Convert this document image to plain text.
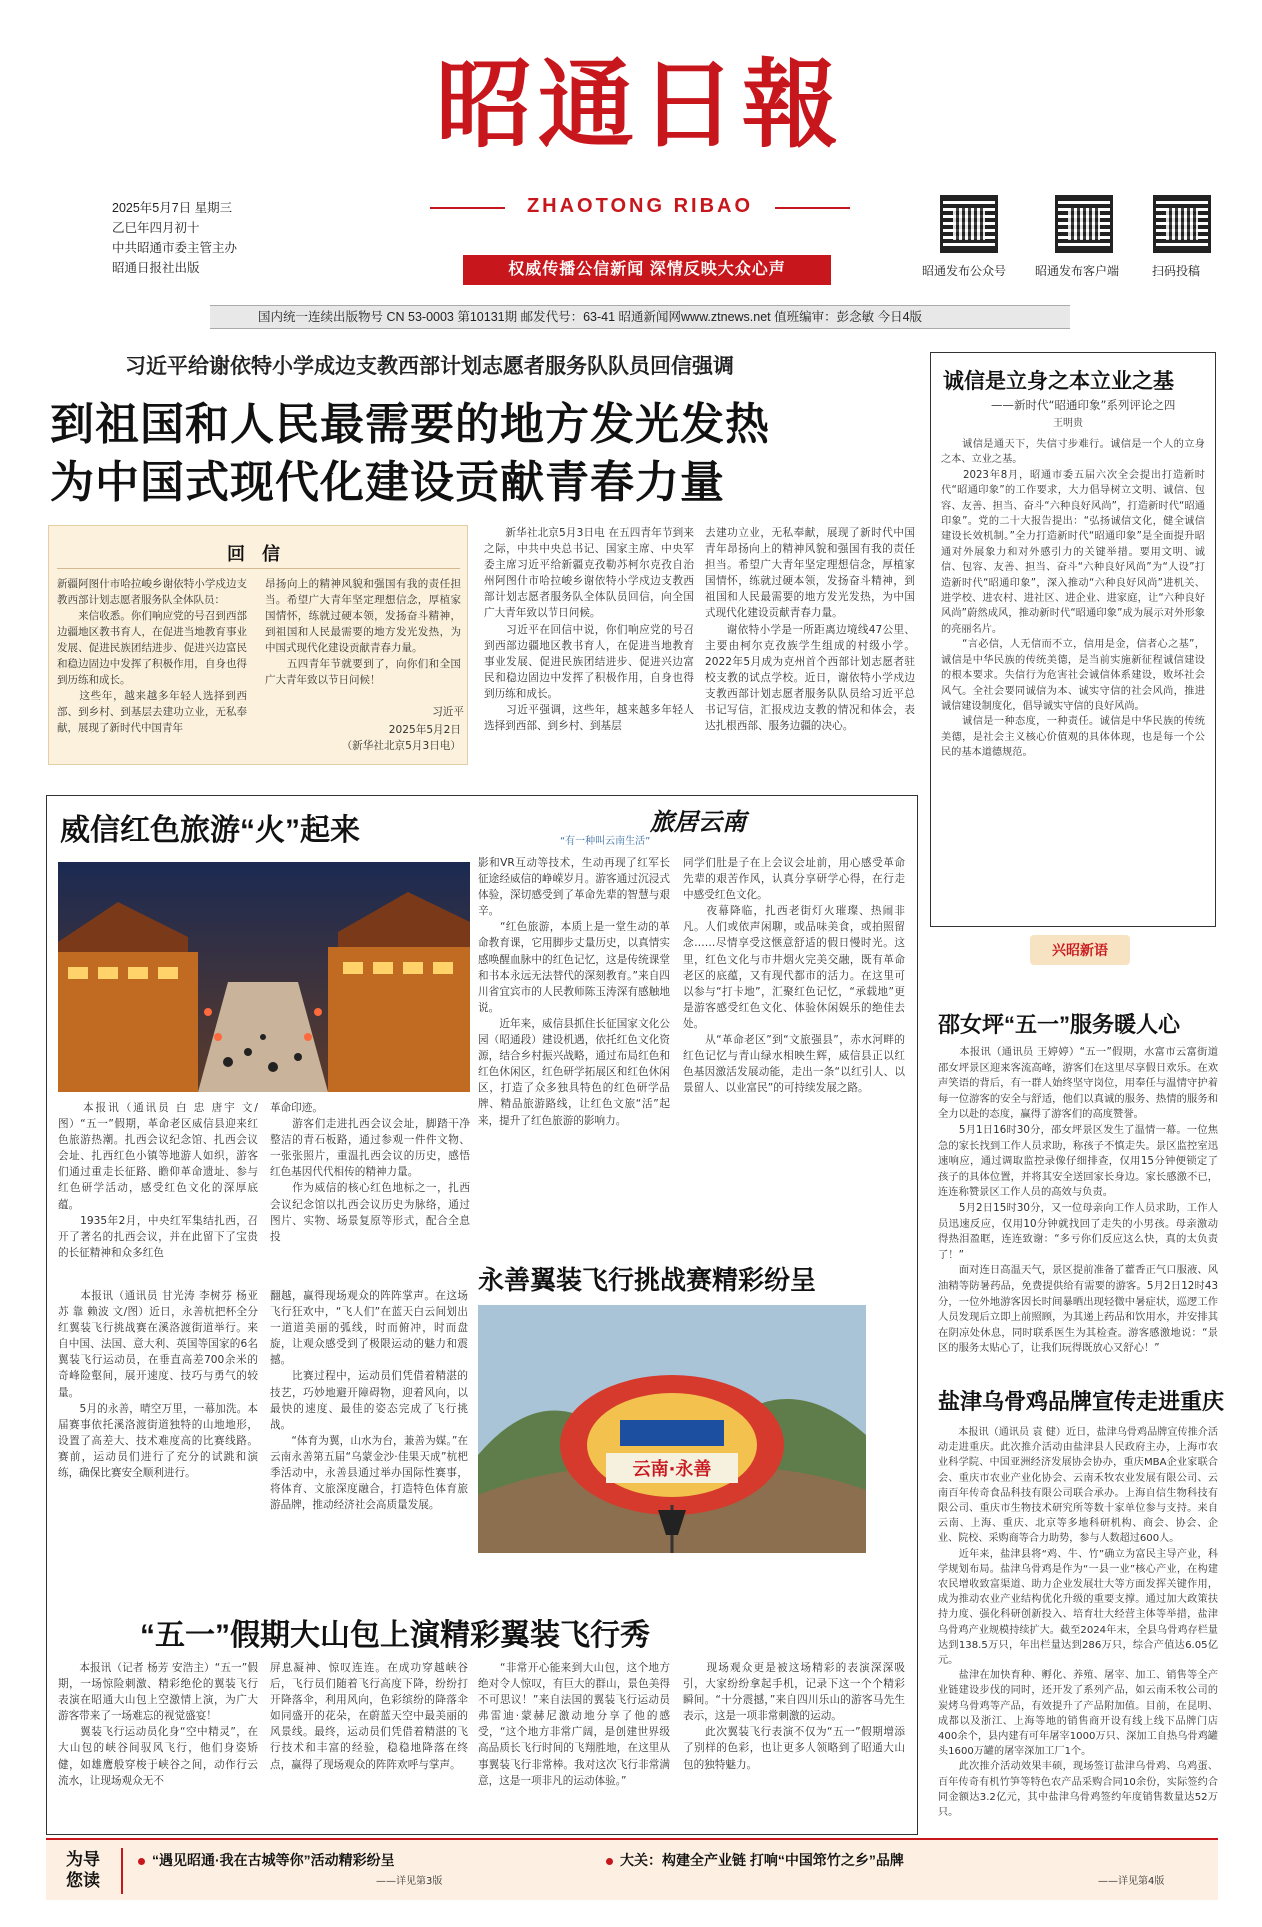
昭通日報
ZHAOTONG RIBAO
2025年5月7日 星期三
乙巳年四月初十
中共昭通市委主管主办
昭通日报社出版	权威传播公信新闻 深情反映大众心声	昭通发布公众号 昭通发布客户端	扫码投稿
国内统一连续出版物号 CN 53-0003 第10131期 邮发代号：63-41 昭通新闻网www.ztnews.net 值班编审：彭念敏 今日4版
习近平给谢依特小学成边支教西部计划志愿者服务队队员回信强调
到祖国和人民最需要的地方发光发热
为中国式现代化建设贡献青春力量
回 信
新疆阿图什市哈拉峻乡谢依特小学戍边支教西部计划志愿者服务队全体队员：
　　来信收悉。你们响应党的号召到西部边疆地区教书育人，在促进当地教育事业发展、促进民族团结进步、促进兴边富民和稳边固边中发挥了积极作用，自身也得到历练和成长。
　　这些年，越来越多年轻人选择到西部、到乡村、到基层去建功立业，无私奉献，展现了新时代中国青年
昂扬向上的精神风貌和强国有我的责任担当。希望广大青年坚定理想信念，厚植家国情怀，练就过硬本领，发扬奋斗精神，到祖国和人民最需要的地方发光发热，为中国式现代化建设贡献青春力量。
　　五四青年节就要到了，向你们和全国广大青年致以节日问候！
习近平
2025年5月2日
（新华社北京5月3日电）
　　新华社北京5月3日电 在五四青年节到来之际，中共中央总书记、国家主席、中央军委主席习近平给新疆克孜勒苏柯尔克孜自治州阿图什市哈拉峻乡谢依特小学戍边支教西部计划志愿者服务队全体队员回信，向全国广大青年致以节日问候。
　　习近平在回信中说，你们响应党的号召到西部边疆地区教书育人，在促进当地教育事业发展、促进民族团结进步、促进兴边富民和稳边固边中发挥了积极作用，自身也得到历练和成长。
　　习近平强调，这些年，越来越多年轻人选择到西部、到乡村、到基层
去建功立业，无私奉献，展现了新时代中国青年昂扬向上的精神风貌和强国有我的责任担当。希望广大青年坚定理想信念，厚植家国情怀，练就过硬本领，发扬奋斗精神，到祖国和人民最需要的地方发光发热，为中国式现代化建设贡献青春力量。
　　谢依特小学是一所距离边境线47公里、主要由柯尔克孜族学生组成的村级小学。2022年5月成为克州首个西部计划志愿者驻校支教的试点学校。近日，谢依特小学戍边支教西部计划志愿者服务队队员给习近平总书记写信，汇报戍边支教的情况和体会，表达扎根西部、服务边疆的决心。
诚信是立身之本立业之基
——新时代“昭通印象”系列评论之四
王明贵
　　诚信是通天下，失信寸步难行。诚信是一个人的立身之本、立业之基。
　　2023年8月，昭通市委五届六次全会提出打造新时代“昭通印象”的工作要求，大力倡导树立文明、诚信、包容、友善、担当、奋斗“六种良好风尚”，打造新时代“昭通印象”。党的二十大报告提出：“弘扬诚信文化，健全诚信建设长效机制。”全力打造新时代“昭通印象”是全面提升昭通对外展象力和对外感引力的关键举措。要用文明、诚信、包容、友善、担当、奋斗“六种良好风尚”为“人设”打造新时代“昭通印象”，深入推动“六种良好风尚”进机关、进学校、进农村、进社区、进企业、进家庭，让“六种良好风尚”蔚然成风，推动新时代“昭通印象”成为展示对外形象的亮丽名片。
　　“言必信，人无信而不立，信用是金，信者心之基”，诚信是中华民族的传统美德，是当前实施新征程诚信建设的根本要求。失信行为危害社会诚信体系建设，败坏社会风气。全社会要同诚信为本、诚实守信的社会风尚，推进诚信建设制度化，倡导诚实守信的良好风尚。
　　诚信是一种态度，一种责任。诚信是中华民族的传统美德，是社会主义核心价值观的具体体现，也是每一个公民的基本道德规范。
兴昭新语
威信红色旅游“火”起来	旅居云南
“有一种叫云南生活”
　　本报讯（通讯员 白 忠 唐宇 文/图）“五一”假期，革命老区威信县迎来红色旅游热潮。扎西会议纪念馆、扎西会议会址、扎西红色小镇等地游人如织，游客们通过重走长征路、瞻仰革命遗址、参与红色研学活动，感受红色文化的深厚底蕴。
　　1935年2月，中央红军集结扎西，召开了著名的扎西会议，并在此留下了宝贵的长征精神和众多红色
革命印迹。
　　游客们走进扎西会议会址，脚踏干净整洁的青石板路，通过参观一件件文物、一张张照片，重温扎西会议的历史，感悟红色基因代代相传的精神力量。
　　作为威信的核心红色地标之一，扎西会议纪念馆以扎西会议历史为脉络，通过图片、实物、场景复原等形式，配合全息投
影和VR互动等技术，生动再现了红军长征途经威信的峥嵘岁月。游客通过沉浸式体验，深切感受到了革命先辈的智慧与艰辛。
　　“红色旅游，本质上是一堂生动的革命教育课，它用脚步丈量历史，以真情实感唤醒血脉中的红色记忆，这是传统课堂和书本永远无法替代的深刻教育。”来自四川省宜宾市的人民教师陈玉涛深有感触地说。
　　近年来，威信县抓住长征国家文化公园（昭通段）建设机遇，依托红色文化资源，结合乡村振兴战略，通过布局红色和红色休闲区，红色研学拓展区和红色休闲区，打造了众多独具特色的红色研学品牌、精品旅游路线，让红色文旅“活”起来，提升了红色旅游的影响力。
同学们肚是子在上会议会址前，用心感受革命先辈的艰苦作风，认真分享研学心得，在行走中感受红色文化。
　　夜幕降临，扎西老街灯火璀璨、热闹非凡。人们或依声闲聊，或品味美食，或拍照留念……尽情享受这惬意舒适的假日慢时光。这里，红色文化与市井烟火完美交融，既有革命老区的底蕴，又有现代都市的活力。在这里可以参与“打卡地”，汇聚红色记忆，“承载地”更是游客感受红色文化、体验休闲娱乐的绝佳去处。
　　从“革命老区”到“文旅强县”，赤水河畔的红色记忆与青山绿水相映生辉，威信县正以红色基因激活发展动能，走出一条“以红引人、以景留人、以业富民”的可持续发展之路。
永善翼装飞行挑战赛精彩纷呈
云南·永善
　　本报讯（通讯员 甘光涛 李树芬 杨亚 苏 靠 赖波 文/图）近日，永善杭把杯全分红翼装飞行挑战赛在溪洛渡街道举行。来自中国、法国、意大利、英国等国家的6名翼装飞行运动员，在垂直高差700余米的奇峰险壑间，展开速度、技巧与勇气的较量。
　　5月的永善，晴空万里，一幕加洗。本届赛事依托溪洛渡街道独特的山地地形，设置了高差大、技术难度高的比赛线路。赛前，运动员们进行了充分的试跳和演练，确保比赛安全顺利进行。
翻越，赢得现场观众的阵阵掌声。在这场飞行狂欢中，“飞人们”在蓝天白云间划出一道道美丽的弧线，时而俯冲，时而盘旋，让观众感受到了极限运动的魅力和震撼。
　　比赛过程中，运动员们凭借着精湛的技艺，巧妙地避开障碍物，迎着风向，以最快的速度、最佳的姿态完成了飞行挑战。
　　“体育为翼，山水为台，兼善为媒。”在云南永善第五届“乌蒙金沙·佳果天成”杭杷季活动中，永善县通过举办国际性赛事，将体育、文旅深度融合，打造特色体育旅游品牌，推动经济社会高质量发展。
“五一”假期大山包上演精彩翼装飞行秀
　　本报讯（记者 杨芳 安浩主）“五一”假期，一场惊险刺激、精彩绝伦的翼装飞行表演在昭通大山包上空激情上演，为广大游客带来了一场难忘的视觉盛宴！
　　翼装飞行运动员化身“空中精灵”，在大山包的峡谷间驭风飞行，他们身姿矫健，如雄鹰般穿梭于峡谷之间，动作行云流水，让现场观众无不
屏息凝神、惊叹连连。在成功穿越峡谷后，飞行员们随着飞行高度下降，纷纷打开降落伞，利用风向，色彩缤纷的降落伞如同盛开的花朵，在蔚蓝天空中最美丽的风景线。最终，运动员们凭借着精湛的飞行技术和丰富的经验，稳稳地降落在终点，赢得了现场观众的阵阵欢呼与掌声。
　　“非常开心能来到大山包，这个地方绝对令人惊叹，有巨大的群山，景色美得不可思议！”来自法国的翼装飞行运动员弗雷迪·蒙赫尼激动地分享了他的感受，“这个地方非常广阔，是创建世界级高品质长飞行时间的飞翔胜地，在这里从事翼装飞行非常棒。我对这次飞行非常满意，这是一项非凡的运动体验。”
　　现场观众更是被这场精彩的表演深深吸引，大家纷纷拿起手机，记录下这一个个精彩瞬间。“十分震撼，”来自四川乐山的游客马先生表示，这是一项非常刺激的运动。
　　此次翼装飞行表演不仅为“五一”假期增添了别样的色彩，也让更多人领略到了昭通大山包的独特魅力。
邵女坪“五一”服务暖人心
　　本报讯（通讯员 王婷婷）“五一”假期，水富市云富街道邵女坪景区迎来客流高峰，游客们在这里尽享假日欢乐。在欢声笑语的背后，有一群人始终坚守岗位，用奉任与温情守护着每一位游客的安全与舒适，他们以真诚的服务、热情的服务和全力以赴的态度，赢得了游客们的高度赞誉。
　　5月1日16时30分，邵女坪景区发生了温情一幕。一位焦急的家长找到工作人员求助，称孩子不慎走失。景区监控室迅速响应，通过调取监控录像仔细排查，仅用15分钟便锁定了孩子的具体位置，并将其安全送回家长身边。家长感激不已，连连称赞景区工作人员的高效与负责。
　　5月2日15时30分，又一位母亲向工作人员求助，工作人员迅速反应，仅用10分钟就找回了走失的小男孩。母亲激动得热泪盈眶，连连致谢：“多亏你们反应这么快，真的太负责了！”
　　面对连日高温天气，景区提前准备了藿香正气口服液、风油精等防暑药品，免费提供给有需要的游客。5月2日12时43分，一位外地游客因长时间暴晒出现轻微中暑症状，巡逻工作人员发现后立即上前照顾，为其递上药品和饮用水，并安排其在阴凉处休息，同时联系医生为其检查。游客感激地说：“景区的服务太贴心了，让我们玩得既放心又舒心！”
盐津乌骨鸡品牌宣传走进重庆
　　本报讯（通讯员 袁 健）近日，盐津乌骨鸡品牌宣传推介活动走进重庆。此次推介活动由盐津县人民政府主办，上海市农业科学院、中国亚洲经济发展协会协办，重庆MBA企业家联合会、重庆市农业产业化协会、云南禾牧农业发展有限公司、云南百年传奇食品科技有限公司联合承办。上海自信生物科技有限公司、重庆市生物技术研究所等数十家单位参与支持。来自云南、上海、重庆、北京等多地科研机构、商会、协会、企业、院校、采购商等合力助势，参与人数超过600人。
　　近年来，盐津县将“鸡、牛、竹”确立为富民主导产业，科学规划布局。盐津乌骨鸡是作为“一县一业”核心产业，在构建农民增收致富渠道、助力企业发展壮大等方面发挥关键作用，成为推动农业产业结构优化升级的重要支撑。通过加大政策扶持力度、强化科研创新投入、培育壮大经营主体等举措，盐津乌骨鸡产业规模持续扩大。截至2024年末，全县乌骨鸡存栏量达到138.5万只，年出栏量达到286万只，综合产值达6.05亿元。
　　盐津在加快育种、孵化、养殖、屠宰、加工、销售等全产业链建设步伐的同时，还开发了系列产品，如云南禾牧公司的炭烤乌骨鸡等产品，有效提升了产品附加值。目前，在昆明、成都以及浙江、上海等地的销售商开设有线上线下品牌门店400余个，县内建有可年屠宰1000万只、深加工自热乌骨鸡罐头1600万罐的屠宰深加工厂1个。
　　此次推介活动效果丰硕，现场签订盐津乌骨鸡、乌鸡蛋、百年传奇有机竹笋等特色农产品采购合同10余份，实际签约合同金额达3.2亿元，其中盐津乌骨鸡签约年度销售数量达52万只。
为导
您读
“遇见昭通·我在古城等你”活动精彩纷呈
——详见第3版
大关：构建全产业链 打响“中国筇竹之乡”品牌
——详见第4版
